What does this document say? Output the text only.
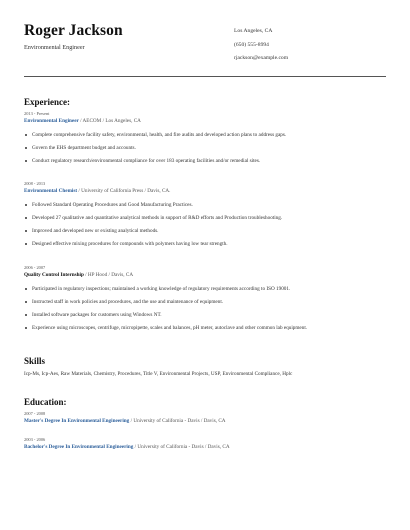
Roger Jackson
Environmental Engineer
Los Angeles, CA
(650) 555-8994
rjackson@example.com
Experience:
2013 - Present
Environmental Engineer / AECOM / Los Angeles, CA
Complete comprehensive facility safety, environmental, health, and fire audits and developed action plans to address gaps.
Govern the EHS department budget and accounts.
Conduct regulatory research/environmental compliance for over 183 operating facilities and/or remedial sites.
2008 - 2013
Environmental Chemist / University of California Press / Davis, CA.
Followed Standard Operating Procedures and Good Manufacturing Practices.
Developed 27 qualitative and quantitative analytical methods in support of R&D efforts and Production troubleshooting.
Improved and developed new or existing analytical methods.
Designed effective mixing procedures for compounds with polymers having low tear strength.
2006 - 2007
Quality Control Internship / HP Hood / Davis, CA
Participated in regulatory inspections; maintained a working knowledge of regulatory requirements according to ISO 19001.
Instructed staff in work policies and procedures, and the use and maintenance of equipment.
Installed software packages for customers using Windows NT.
Experience using microscopes, centrifuge, micropipette, scales and balances, pH meter, autoclave and other common lab equipment.
Skills
Icp-Ms, Icp-Aes, Raw Materials, Chemistry, Procedures, Title V, Environmental Projects, USP, Environmental Compliance, Hplc
Education:
2007 - 2008
Master's Degree In Environmental Engineering / University of California - Davis / Davis, CA
2003 - 2006
Bachelor's Degree In Environmental Engineering / University of California - Davis / Davis, CA
